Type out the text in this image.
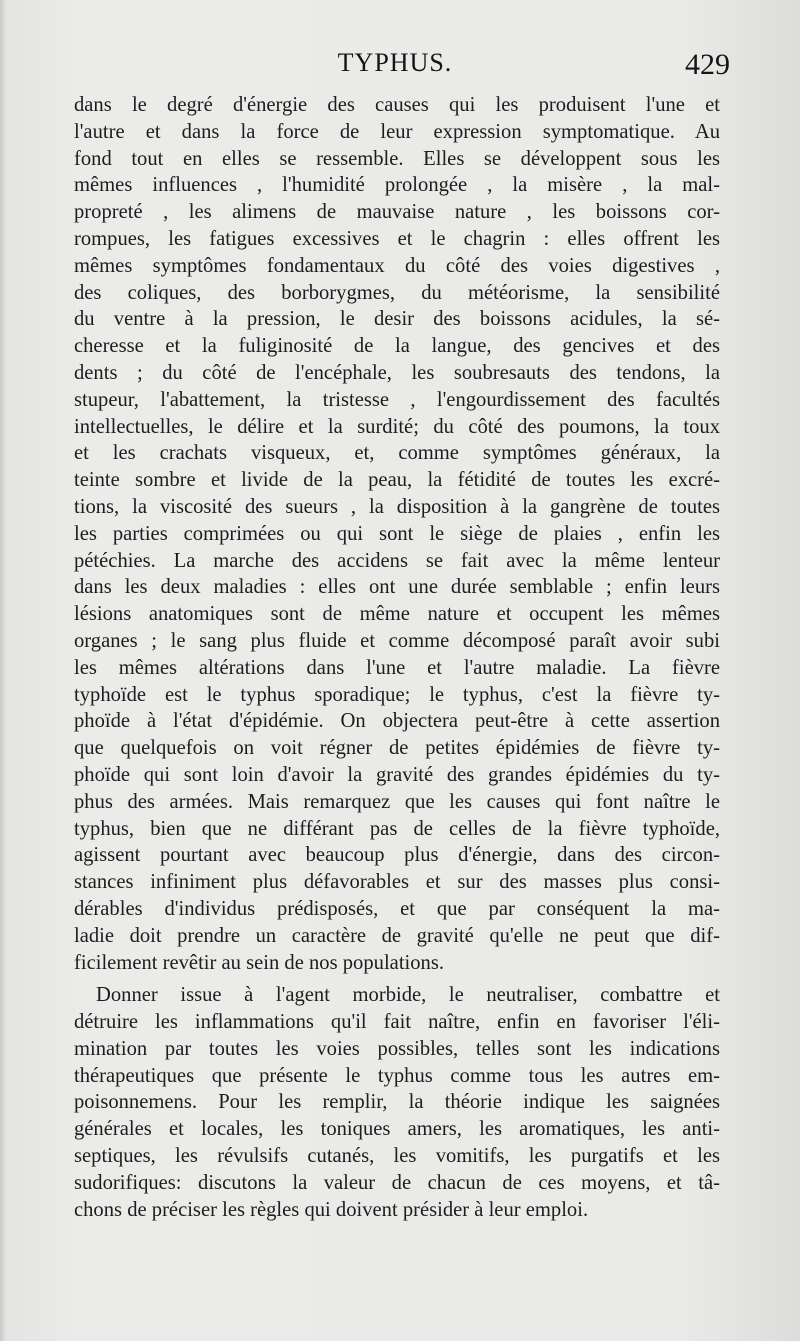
TYPHUS.	429
dans le degré d'énergie des causes qui les produisent l'une et
l'autre et dans la force de leur expression symptomatique. Au
fond tout en elles se ressemble. Elles se développent sous les
mêmes influences , l'humidité prolongée , la misère , la mal-
propreté , les alimens de mauvaise nature , les boissons cor-
rompues, les fatigues excessives et le chagrin : elles offrent les
mêmes symptômes fondamentaux du côté des voies digestives ,
des coliques, des borborygmes, du météorisme, la sensibilité
du ventre à la pression, le desir des boissons acidules, la sé-
cheresse et la fuliginosité de la langue, des gencives et des
dents ; du côté de l'encéphale, les soubresauts des tendons, la
stupeur, l'abattement, la tristesse , l'engourdissement des facultés
intellectuelles, le délire et la surdité; du côté des poumons, la toux
et les crachats visqueux, et, comme symptômes généraux, la
teinte sombre et livide de la peau, la fétidité de toutes les excré-
tions, la viscosité des sueurs , la disposition à la gangrène de toutes
les parties comprimées ou qui sont le siège de plaies , enfin les
pétéchies. La marche des accidens se fait avec la même lenteur
dans les deux maladies : elles ont une durée semblable ; enfin leurs
lésions anatomiques sont de même nature et occupent les mêmes
organes ; le sang plus fluide et comme décomposé paraît avoir subi
les mêmes altérations dans l'une et l'autre maladie. La fièvre
typhoïde est le typhus sporadique; le typhus, c'est la fièvre ty-
phoïde à l'état d'épidémie. On objectera peut-être à cette assertion
que quelquefois on voit régner de petites épidémies de fièvre ty-
phoïde qui sont loin d'avoir la gravité des grandes épidémies du ty-
phus des armées. Mais remarquez que les causes qui font naître le
typhus, bien que ne différant pas de celles de la fièvre typhoïde,
agissent pourtant avec beaucoup plus d'énergie, dans des circon-
stances infiniment plus défavorables et sur des masses plus consi-
dérables d'individus prédisposés, et que par conséquent la ma-
ladie doit prendre un caractère de gravité qu'elle ne peut que dif-
ficilement revêtir au sein de nos populations.
Donner issue à l'agent morbide, le neutraliser, combattre et
détruire les inflammations qu'il fait naître, enfin en favoriser l'éli-
mination par toutes les voies possibles, telles sont les indications
thérapeutiques que présente le typhus comme tous les autres em-
poisonnemens. Pour les remplir, la théorie indique les saignées
générales et locales, les toniques amers, les aromatiques, les anti-
septiques, les révulsifs cutanés, les vomitifs, les purgatifs et les
sudorifiques: discutons la valeur de chacun de ces moyens, et tâ-
chons de préciser les règles qui doivent présider à leur emploi.
